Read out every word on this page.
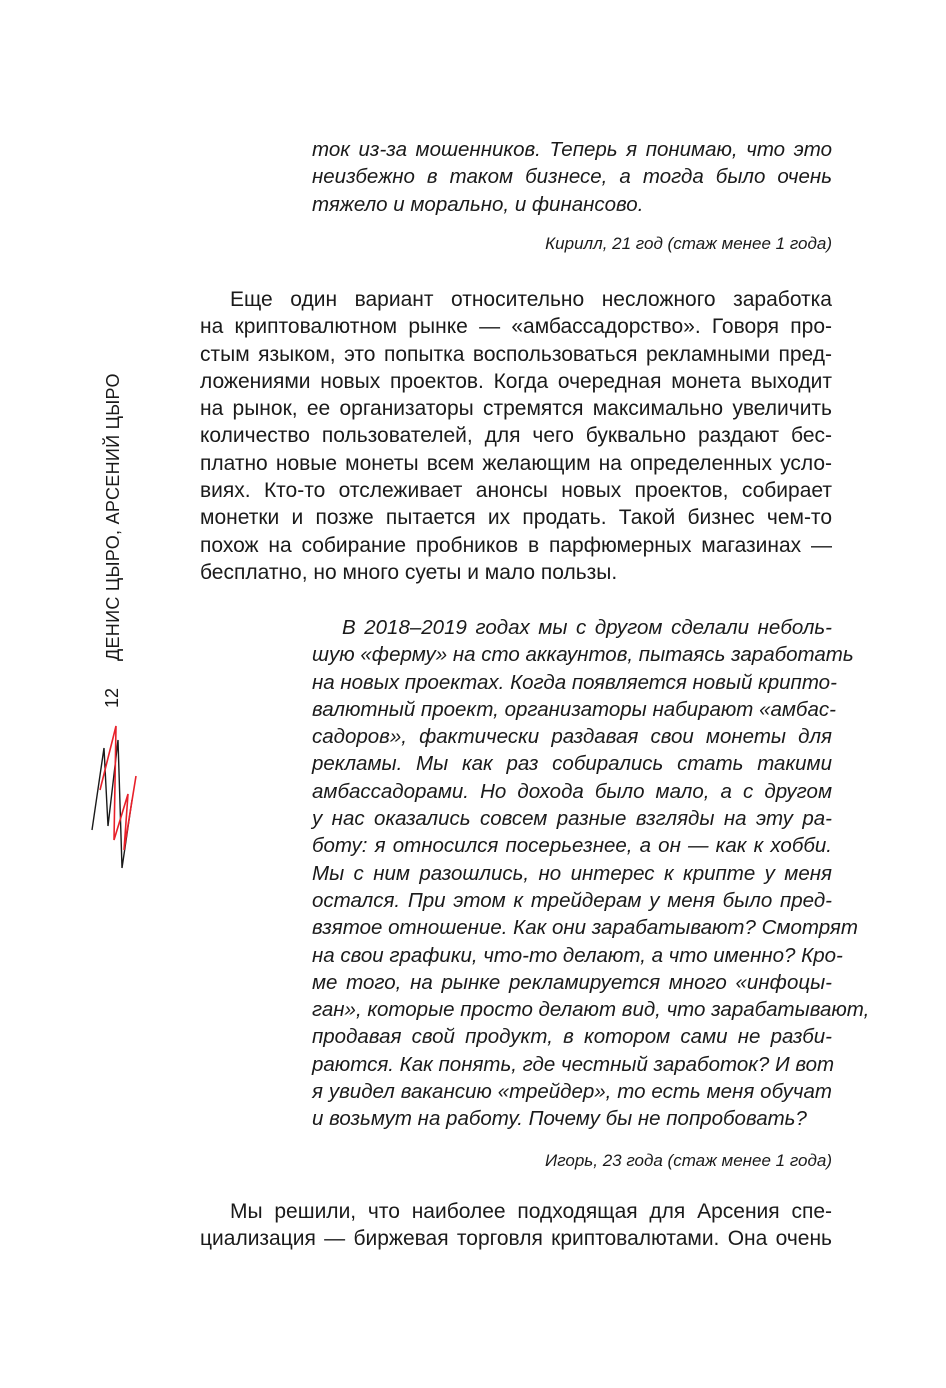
ДЕНИС ЦЫРО, АРСЕНИЙ ЦЫРО
12
ток из-за мошенников. Теперь я понимаю, что это
неизбежно в таком бизнесе, а тогда было очень
тяжело и морально, и финансово.
Кирилл, 21 год (стаж менее 1 года)
Еще один вариант относительно несложного заработка
на криптовалютном рынке — «амбассадорство». Говоря про-
стым языком, это попытка воспользоваться рекламными пред-
ложениями новых проектов. Когда очередная монета выходит
на рынок, ее организаторы стремятся максимально увеличить
количество пользователей, для чего буквально раздают бес-
платно новые монеты всем желающим на определенных усло-
виях. Кто-то отслеживает анонсы новых проектов, собирает
монетки и позже пытается их продать. Такой бизнес чем-то
похож на собирание пробников в парфюмерных магазинах —
бесплатно, но много суеты и мало пользы.
В 2018–2019 годах мы с другом сделали неболь-
шую «ферму» на сто аккаунтов, пытаясь заработать
на новых проектах. Когда появляется новый крипто-
валютный проект, организаторы набирают «амбас-
садоров», фактически раздавая свои монеты для
рекламы. Мы как раз собирались стать такими
амбассадорами. Но дохода было мало, а с другом
у нас оказались совсем разные взгляды на эту ра-
боту: я относился посерьезнее, а он — как к хобби.
Мы с ним разошлись, но интерес к крипте у меня
остался. При этом к трейдерам у меня было пред-
взятое отношение. Как они зарабатывают? Смотрят
на свои графики, что-то делают, а что именно? Кро-
ме того, на рынке рекламируется много «инфоцы-
ган», которые просто делают вид, что зарабатывают,
продавая свой продукт, в котором сами не разби-
раются. Как понять, где честный заработок? И вот
я увидел вакансию «трейдер», то есть меня обучат
и возьмут на работу. Почему бы не попробовать?
Игорь, 23 года (стаж менее 1 года)
Мы решили, что наиболее подходящая для Арсения спе-
циализация — биржевая торговля криптовалютами. Она очень
